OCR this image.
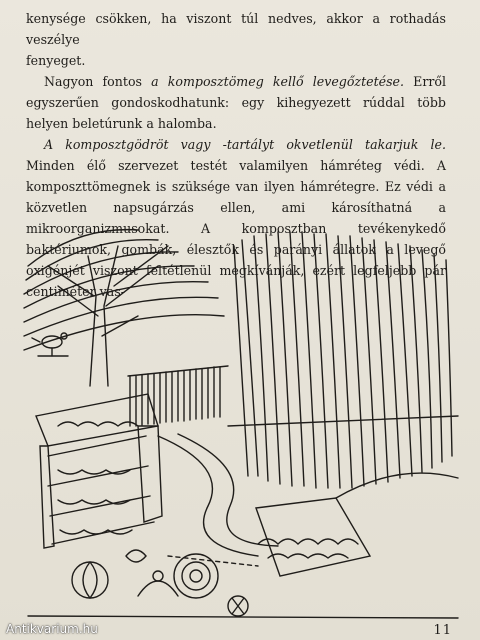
kenysége csökken, ha viszont túl nedves, akkor a rothadás veszélye
fenyeget.

Nagyon fontos a komposztömeg kellő levegőztetése. Erről egyszerűen gondoskodhatunk: egy kihegyezett rúddal több helyen beletúrunk a halomba.

A komposztgödröt vagy -tartályt okvetlenül takarjuk le. Minden élő szervezet testét valamilyen hámréteg védi. A komposzttömegnek is szüksége van ilyen hámrétegre. Ez védi a közvetlen napsugárzás ellen, ami károsíthatná a mikroorganizmusokat. A komposztban tevékenykedő baktériumok, gombák, élesztők és parányi állatok a levegő oxigénjét viszont feltétlenül megkívánják, ezért legfeljebb pár centiméter vas-

11
Antikvarium.hu
